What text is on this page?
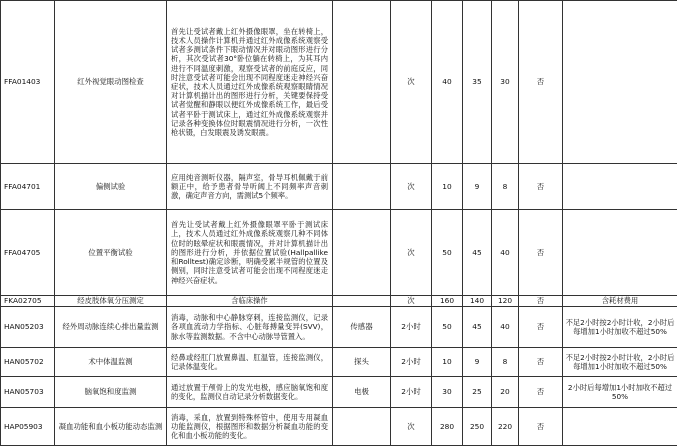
FFA01403	红外视觉眼动图检查	首先让受试者戴上红外摄像眼罩，坐在转椅上，技术人员操作计算机并通过红外成像系统观察受试者多测试条件下眼动情况并对眼动图形进行分析，其次受试者30°卧位躺在转椅上，为其耳内进行不同温度刺激，观察受试者的前庭反应，同时注意受试者可能会出现不同程度迷走神经兴奋症状，技术人员通过红外成像系统观察眼睛情况对计算机描计出的图形进行分析，关键要保持受试者觉醒和静眼以便红外成像系统工作，最后受试者平卧于测试床上，通过红外成像系统观察并记录各种变换体位时眼震情况进行分析，一次性枪状镊，白发眼震及诱发眼震。		次	40	35	30	否	
FFA04701	偏侧试验	应用纯音测听仪器，隔声室，骨导耳机佩戴于前额正中，给予患者骨导听阈上不同频率声音刺激，确定声音方向，需测试5个频率。		次	10	9	8	否	
FFA04705	位置平衡试验	首先让受试者戴上红外摄像眼罩平卧于测试床上，技术人员通过红外成像系统观察几种不同体位时的眩晕症状和眼震情况，并对计算机描计出的图形进行分析，并依据位置试验(Hallpallike和Rolltest)确定诊断，明确受累半规管的位置及侧别，同时注意受试者可能会出现不同程度迷走神经兴奋症状。		次	50	45	40	否	
FKA02705	经皮肢体氧分压测定	含临床操作		次	160	140	120	否	含耗材费用
HAN05203	经外周动脉连续心排出量监测	消毒，动脉和中心静脉穿刺，连接监测仪，记录各项血流动力学指标、心脏每搏量变异(SVV)，脉水等监测数据。不含中心动脉导管置入。	传感器	2小时	50	45	40	否	不足2小时按2小时计收，2小时后每增加1小时加收不超过50%
HAN05702	术中体温监测	经鼻或经肛门放置鼻温、肛温管，连接监测仪，记录体温变化。	探头	2小时	10	9	8	否	不足2小时按2小时计收，2小时后每增加1小时加收不超过50%
HAN05703	脑氧饱和度监测	通过放置于颅骨上的发光电极，感应脑氧饱和度的变化，监测仪自动记录分析数据变化。	电极	2小时	30	25	20	否	2小时后每增加1小时加收不超过50%
HAP05903	凝血功能和血小板功能动态监测	消毒，采血，放置到特殊杯管中，使用专用凝血功能监测仪，根据图形和数据分析凝血功能的变化和血小板功能的变化。		次	280	250	220	否	
